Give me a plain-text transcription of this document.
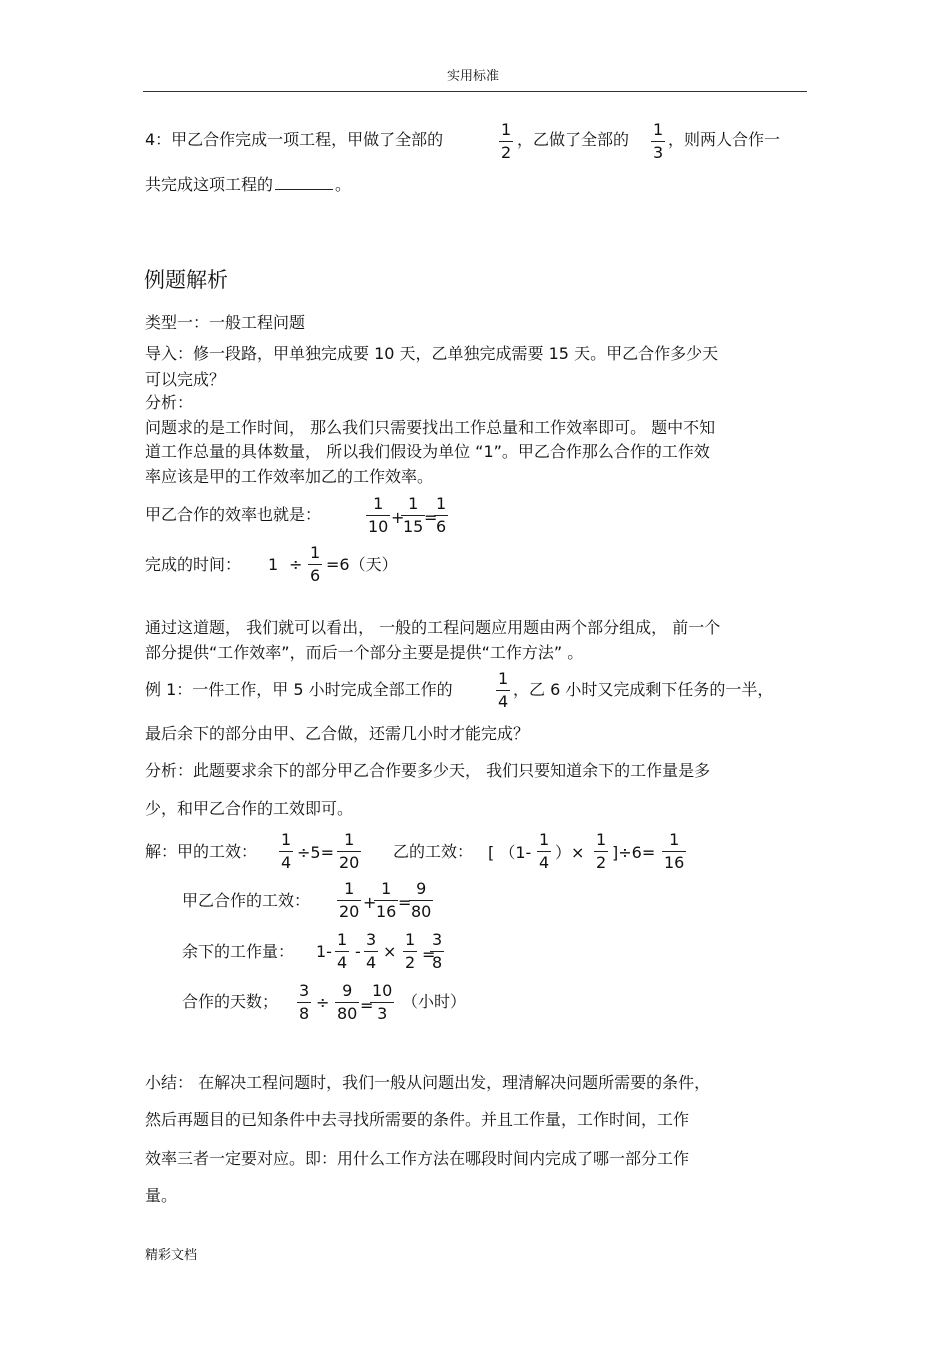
实用标准
4：甲乙合作完成一项工程，甲做了全部的	$\frac{1}{2}$ ，乙做了全部的 $\frac{1}{3}$ ，则两人合作一
共完成这项工程的	。
例题解析
类型一：一般工程问题
导入：修一段路，甲单独完成要 10 天，乙单独完成需要 15 天。甲乙合作多少天
可以完成？
分析：
问题求的是工作时间， 那么我们只需要找出工作总量和工作效率即可。 题中不知
道工作总量的具体数量， 所以我们假设为单位 “1”。甲乙合作那么合作的工作效
率应该是甲的工作效率加乙的工作效率。
甲乙合作的效率也就是：	$\frac{1}{10}$ +
$\frac{1}{15}$
=
$\frac{1}{6}$
完成的时间： $1 \div \frac{1}{6} =6$（天）
通过这道题， 我们就可以看出， 一般的工程问题应用题由两个部分组成， 前一个
部分提供“工作效率”，而后一个部分主要是提供“工作方法” 。
例 1：一件工作，甲 5 小时完成全部工作的	$\frac{1}{4}$ ，乙 6 小时又完成剩下任务的一半，
最后余下的部分由甲、乙合做，还需几小时才能完成？
分析：此题要求余下的部分甲乙合作要多少天， 我们只要知道余下的工作量是多
少，和甲乙合作的工效即可。
解：甲的工效： $\frac{1}{4} \div 5= \frac{1}{20}$ 乙的工效： [ （$1- \frac{1}{4}$ ）× $\frac{1}{2} ]\div 6= \frac{1}{16}$
甲乙合作的工效： $\frac{1}{20}$ +
$\frac{1}{16}$ =
$\frac{9}{80}$
余下的工作量： $1- \frac{1}{4} - \frac{3}{4} \times \frac{1}{2}$ =
$\frac{3}{8}$
合作的天数； $\frac{3}{8} \div \frac{9}{80}$ =
$\frac{10}{3}$ （小时）
小结： 在解决工程问题时，我们一般从问题出发，理清解决问题所需要的条件，
然后再题目的已知条件中去寻找所需要的条件。并且工作量，工作时间，工作
效率三者一定要对应。即：用什么工作方法在哪段时间内完成了哪一部分工作
量。
精彩文档
